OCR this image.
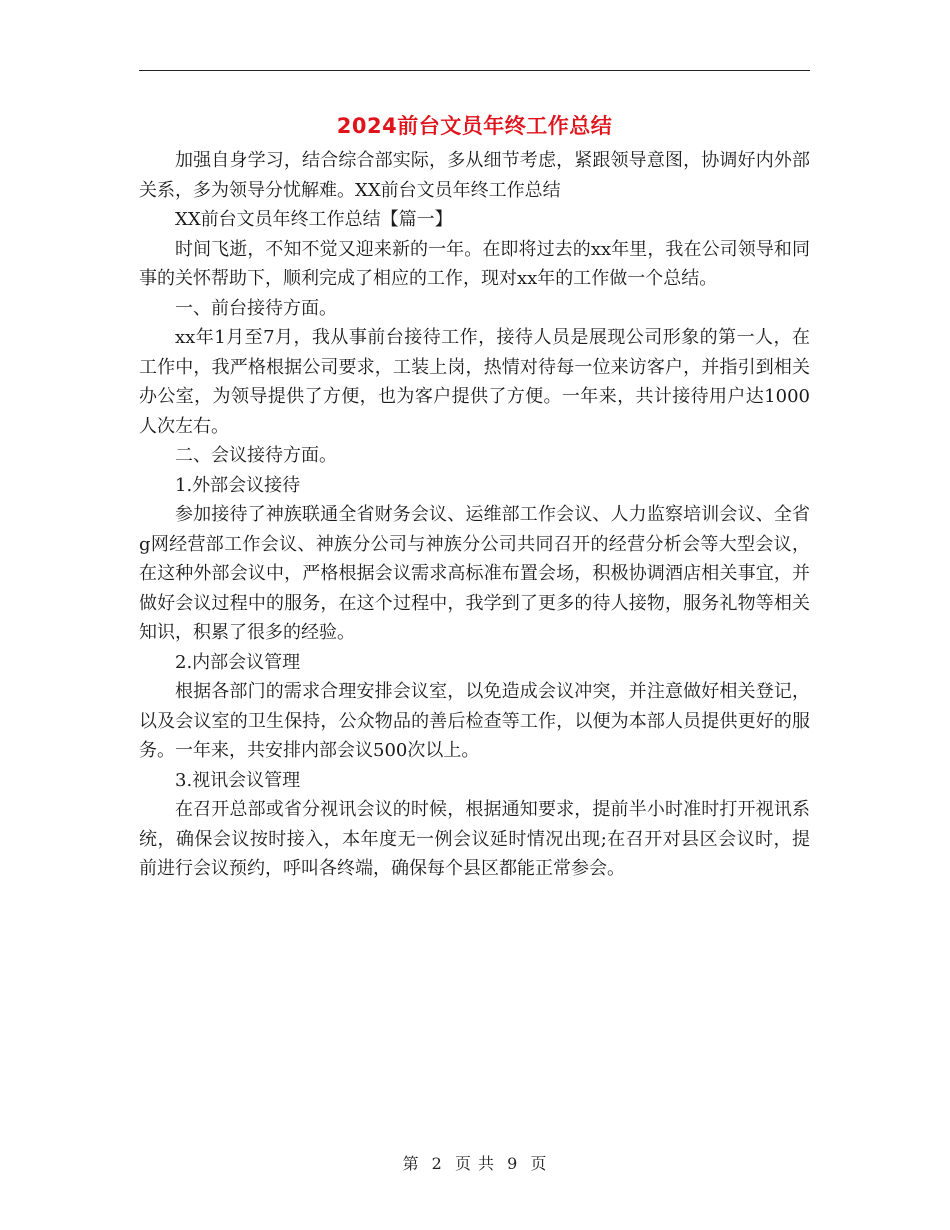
2024前台文员年终工作总结

加强自身学习，结合综合部实际，多从细节考虑，紧跟领导意图，协调好内外部关系，多为领导分忧解难。XX前台文员年终工作总结

XX前台文员年终工作总结【篇一】

时间飞逝，不知不觉又迎来新的一年。在即将过去的xx年里，我在公司领导和同事的关怀帮助下，顺利完成了相应的工作，现对xx年的工作做一个总结。

一、前台接待方面。

xx年1月至7月，我从事前台接待工作，接待人员是展现公司形象的第一人，在工作中，我严格根据公司要求，工装上岗，热情对待每一位来访客户，并指引到相关办公室，为领导提供了方便，也为客户提供了方便。一年来，共计接待用户达1000人次左右。

二、会议接待方面。

1.外部会议接待

参加接待了神族联通全省财务会议、运维部工作会议、人力监察培训会议、全省g网经营部工作会议、神族分公司与神族分公司共同召开的经营分析会等大型会议，在这种外部会议中，严格根据会议需求高标准布置会场，积极协调酒店相关事宜，并做好会议过程中的服务，在这个过程中，我学到了更多的待人接物，服务礼物等相关知识，积累了很多的经验。

2.内部会议管理

根据各部门的需求合理安排会议室，以免造成会议冲突，并注意做好相关登记，以及会议室的卫生保持，公众物品的善后检查等工作，以便为本部人员提供更好的服务。一年来，共安排内部会议500次以上。

3.视讯会议管理

在召开总部或省分视讯会议的时候，根据通知要求，提前半小时准时打开视讯系统，确保会议按时接入，本年度无一例会议延时情况出现;在召开对县区会议时，提前进行会议预约，呼叫各终端，确保每个县区都能正常参会。

第 2 页 共 9 页
